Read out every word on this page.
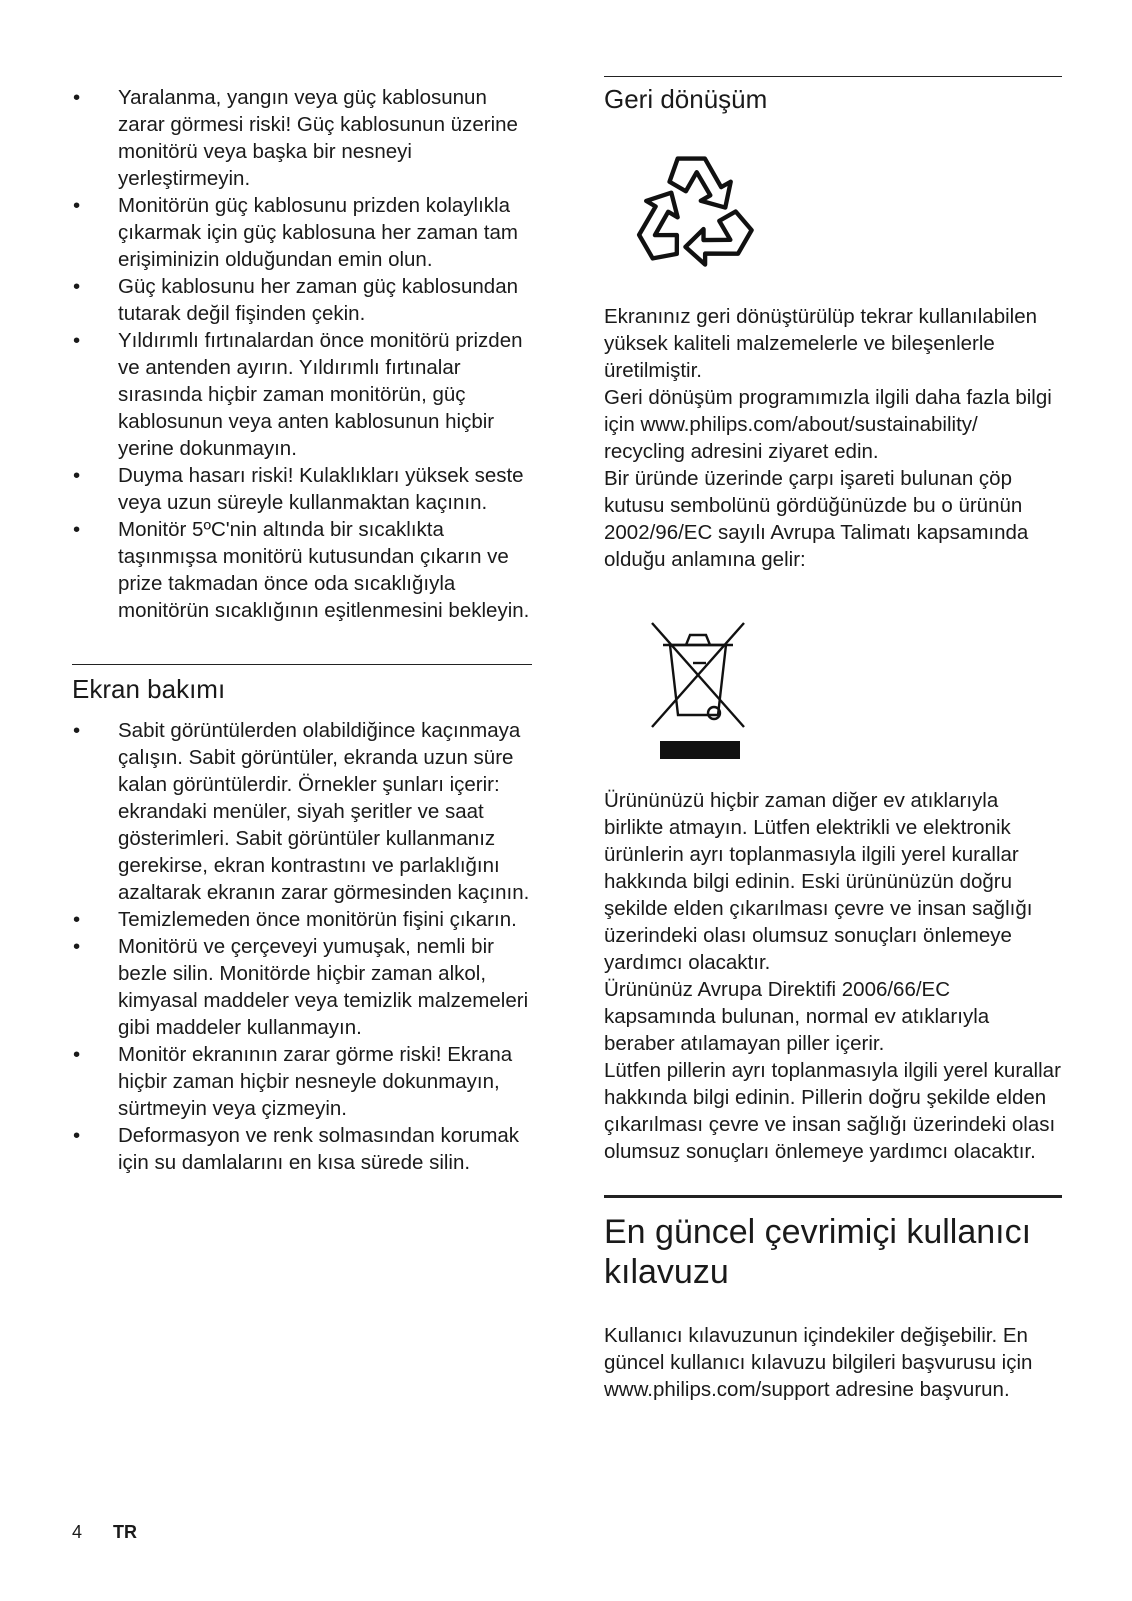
• Yaralanma, yangın veya güç kablosunun zarar görmesi riski! Güç kablosunun üzerine monitörü veya başka bir nesneyi yerleştirmeyin.
• Monitörün güç kablosunu prizden kolaylıkla çıkarmak için güç kablosuna her zaman tam erişiminizin olduğundan emin olun.
• Güç kablosunu her zaman güç kablosundan tutarak değil fişinden çekin.
• Yıldırımlı fırtınalardan önce monitörü prizden ve antenden ayırın. Yıldırımlı fırtınalar sırasında hiçbir zaman monitörün, güç kablosunun veya anten kablosunun hiçbir yerine dokunmayın.
• Duyma hasarı riski! Kulaklıkları yüksek seste veya uzun süreyle kullanmaktan kaçının.
• Monitör 5ºC'nin altında bir sıcaklıkta taşınmışsa monitörü kutusundan çıkarın ve prize takmadan önce oda sıcaklığıyla monitörün sıcaklığının eşitlenmesini bekleyin.
Ekran bakımı
• Sabit görüntülerden olabildiğince kaçınmaya çalışın. Sabit görüntüler, ekranda uzun süre kalan görüntülerdir. Örnekler şunları içerir: ekrandaki menüler, siyah şeritler ve saat gösterimleri. Sabit görüntüler kullanmanız gerekirse, ekran kontrastını ve parlaklığını azaltarak ekranın zarar görmesinden kaçının.
• Temizlemeden önce monitörün fişini çıkarın.
• Monitörü ve çerçeveyi yumuşak, nemli bir bezle silin. Monitörde hiçbir zaman alkol, kimyasal maddeler veya temizlik malzemeleri gibi maddeler kullanmayın.
• Monitör ekranının zarar görme riski! Ekrana hiçbir zaman hiçbir nesneyle dokunmayın, sürtmeyin veya çizmeyin.
• Deformasyon ve renk solmasından korumak için su damlalarını en kısa sürede silin.
Geri dönüşüm

Ekranınız geri dönüştürülüp tekrar kullanılabilen yüksek kaliteli malzemelerle ve bileşenlerle üretilmiştir.

Geri dönüşüm programımızla ilgili daha fazla bilgi için www.philips.com/about/sustainability/ recycling adresini ziyaret edin.

Bir üründe üzerinde çarpı işareti bulunan çöp kutusu sembolünü gördüğünüzde bu o ürünün 2002/96/EC sayılı Avrupa Talimatı kapsamında olduğu anlamına gelir:

Ürününüzü hiçbir zaman diğer ev atıklarıyla birlikte atmayın. Lütfen elektrikli ve elektronik ürünlerin ayrı toplanmasıyla ilgili yerel kurallar hakkında bilgi edinin. Eski ürününüzün doğru şekilde elden çıkarılması çevre ve insan sağlığı üzerindeki olası olumsuz sonuçları önlemeye yardımcı olacaktır.

Ürününüz Avrupa Direktifi 2006/66/EC kapsamında bulunan, normal ev atıklarıyla beraber atılamayan piller içerir.

Lütfen pillerin ayrı toplanmasıyla ilgili yerel kurallar hakkında bilgi edinin. Pillerin doğru şekilde elden çıkarılması çevre ve insan sağlığı üzerindeki olası olumsuz sonuçları önlemeye yardımcı olacaktır.

En güncel çevrimiçi kullanıcı kılavuzu

Kullanıcı kılavuzunun içindekiler değişebilir. En güncel kullanıcı kılavuzu bilgileri başvurusu için www.philips.com/support adresine başvurun.

4 TR
